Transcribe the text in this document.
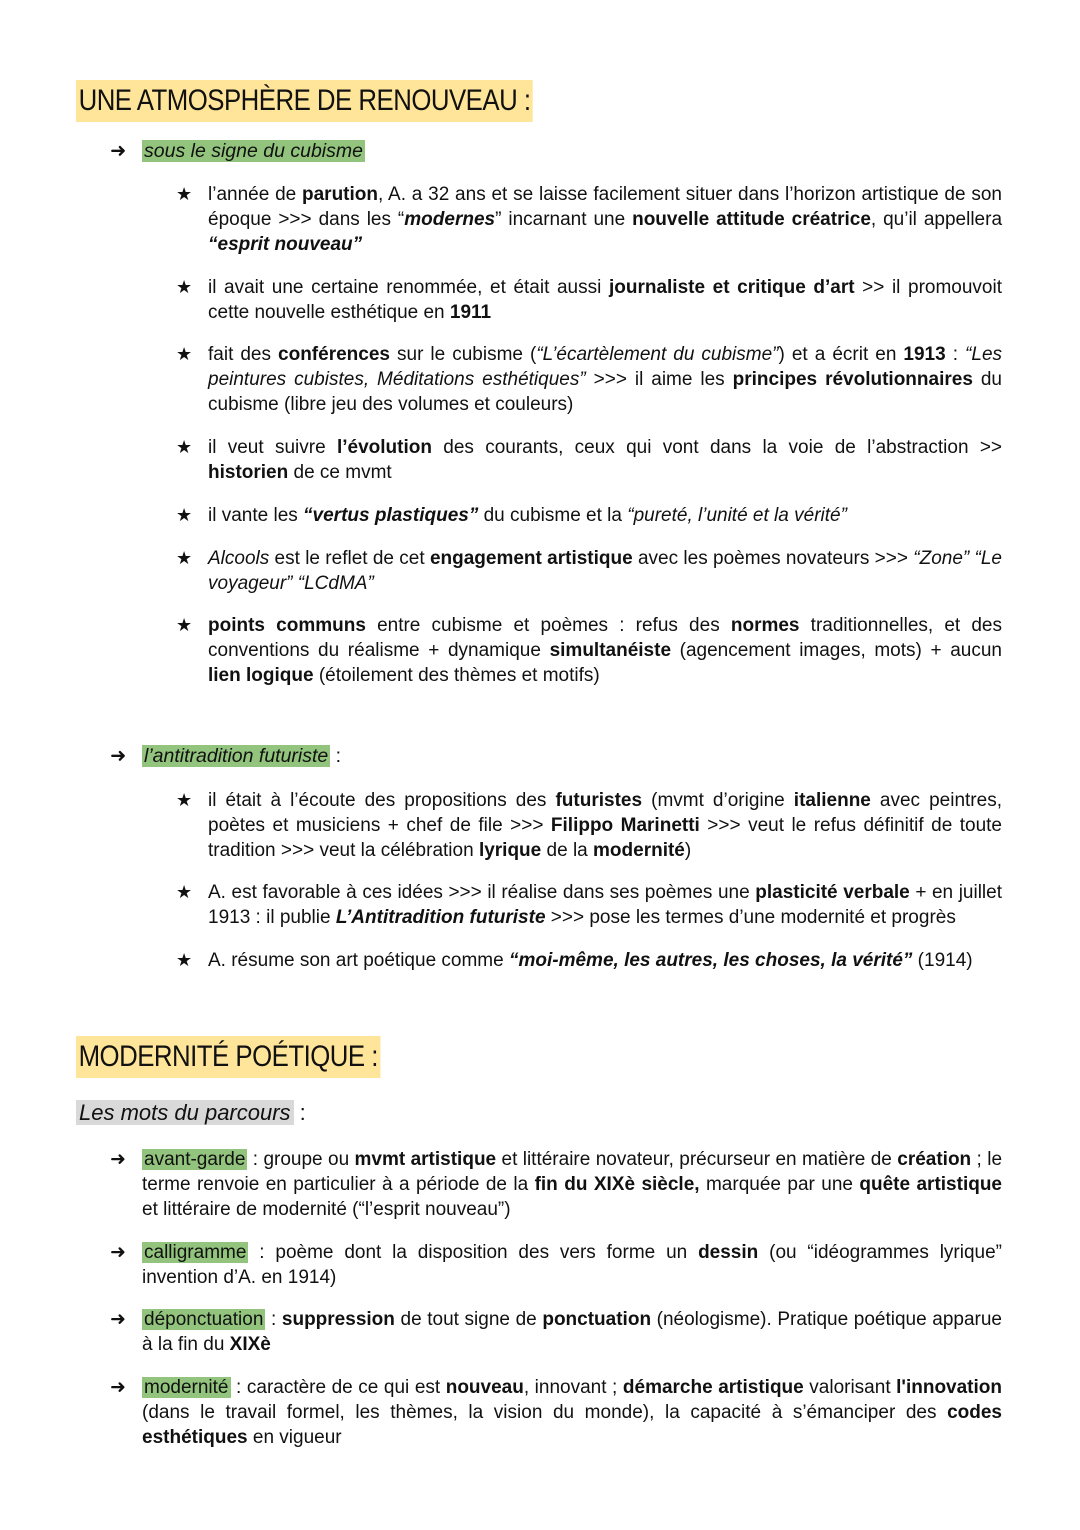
UNE ATMOSPHÈRE DE RENOUVEAU :
➜ sous le signe du cubisme
★ l’année de parution, A. a 32 ans et se laisse facilement situer dans l’horizon artistique de son époque >>> dans les “modernes” incarnant une nouvelle attitude créatrice, qu’il appellera “esprit nouveau”
★ il avait une certaine renommée, et était aussi journaliste et critique d’art >> il promouvoit cette nouvelle esthétique en 1911
★ fait des conférences sur le cubisme (“L’écartèlement du cubisme”) et a écrit en 1913 : “Les peintures cubistes, Méditations esthétiques” >>> il aime les principes révolutionnaires du cubisme (libre jeu des volumes et couleurs)
★ il veut suivre l’évolution des courants, ceux qui vont dans la voie de l’abstraction >> historien de ce mvmt
★ il vante les “vertus plastiques” du cubisme et la “pureté, l’unité et la vérité”
★ Alcools est le reflet de cet engagement artistique avec les poèmes novateurs >>> “Zone” “Le voyageur” “LCdMA”
★ points communs entre cubisme et poèmes : refus des normes traditionnelles, et des conventions du réalisme + dynamique simultanéiste (agencement images, mots) + aucun lien logique (étoilement des thèmes et motifs)
➜ l’antitradition futuriste :
★ il était à l’écoute des propositions des futuristes (mvmt d’origine italienne avec peintres, poètes et musiciens + chef de file >>> Filippo Marinetti >>> veut le refus définitif de toute tradition >>> veut la célébration lyrique de la modernité)
★ A. est favorable à ces idées >>> il réalise dans ses poèmes une plasticité verbale + en juillet 1913 : il publie L’Antitradition futuriste >>> pose les termes d’une modernité et progrès
★ A. résume son art poétique comme “moi-même, les autres, les choses, la vérité” (1914)
MODERNITÉ POÉTIQUE :
Les mots du parcours :
➜ avant-garde : groupe ou mvmt artistique et littéraire novateur, précurseur en matière de création ; le terme renvoie en particulier à a période de la fin du XIXè siècle, marquée par une quête artistique et littéraire de modernité (“l’esprit nouveau”)
➜ calligramme : poème dont la disposition des vers forme un dessin (ou “idéogrammes lyrique” invention d’A. en 1914)
➜ déponctuation : suppression de tout signe de ponctuation (néologisme). Pratique poétique apparue à la fin du XIXè
➜ modernité : caractère de ce qui est nouveau, innovant ; démarche artistique valorisant l'innovation (dans le travail formel, les thèmes, la vision du monde), la capacité à s’émanciper des codes esthétiques en vigueur
